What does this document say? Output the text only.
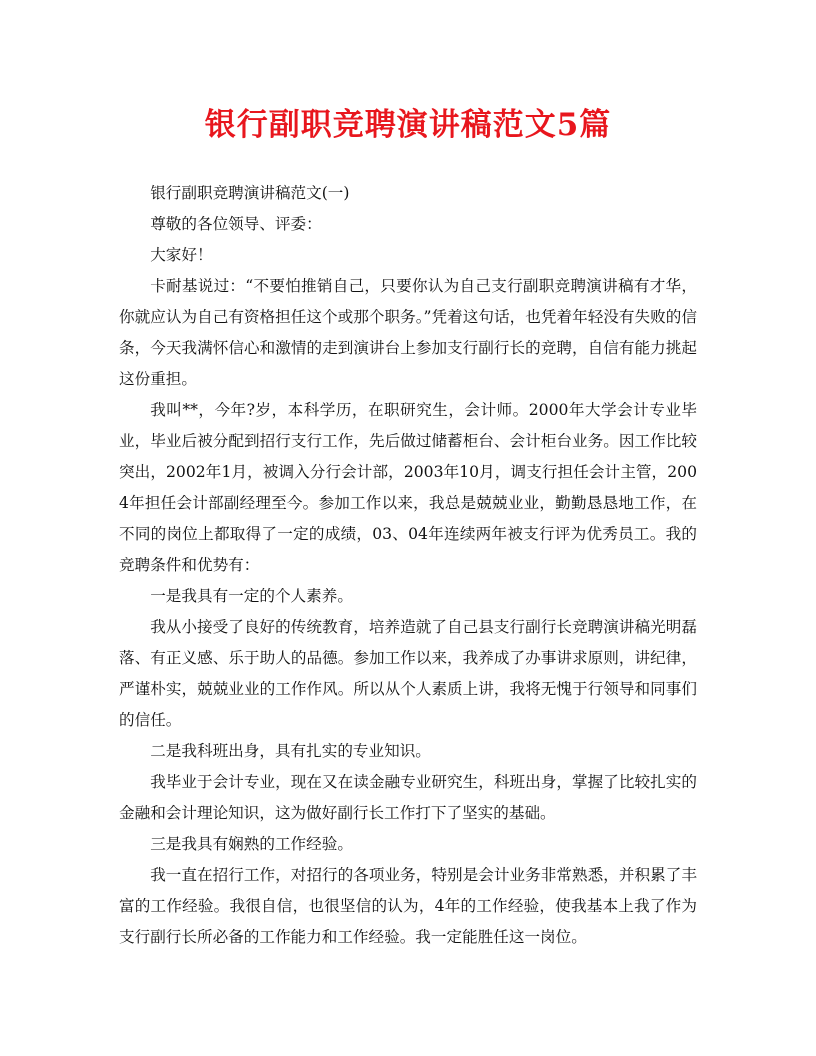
银行副职竞聘演讲稿范文5篇

银行副职竞聘演讲稿范文(一)

尊敬的各位领导、评委：

大家好！

卡耐基说过：“不要怕推销自己，只要你认为自己支行副职竞聘演讲稿有才华，你就应认为自己有资格担任这个或那个职务。”凭着这句话，也凭着年轻没有失败的信条，今天我满怀信心和激情的走到演讲台上参加支行副行长的竞聘，自信有能力挑起这份重担。

我叫**，今年?岁，本科学历，在职研究生，会计师。2000年大学会计专业毕业，毕业后被分配到招行支行工作，先后做过储蓄柜台、会计柜台业务。因工作比较突出，2002年1月，被调入分行会计部，2003年10月，调支行担任会计主管，2004年担任会计部副经理至今。参加工作以来，我总是兢兢业业，勤勤恳恳地工作，在不同的岗位上都取得了一定的成绩，03、04年连续两年被支行评为优秀员工。我的竞聘条件和优势有：

一是我具有一定的个人素养。

我从小接受了良好的传统教育，培养造就了自己县支行副行长竞聘演讲稿光明磊落、有正义感、乐于助人的品德。参加工作以来，我养成了办事讲求原则，讲纪律，严谨朴实，兢兢业业的工作作风。所以从个人素质上讲，我将无愧于行领导和同事们的信任。

二是我科班出身，具有扎实的专业知识。

我毕业于会计专业，现在又在读金融专业研究生，科班出身，掌握了比较扎实的金融和会计理论知识，这为做好副行长工作打下了坚实的基础。

三是我具有娴熟的工作经验。

我一直在招行工作，对招行的各项业务，特别是会计业务非常熟悉，并积累了丰富的工作经验。我很自信，也很坚信的认为，4年的工作经验，使我基本上我了作为支行副行长所必备的工作能力和工作经验。我一定能胜任这一岗位。
